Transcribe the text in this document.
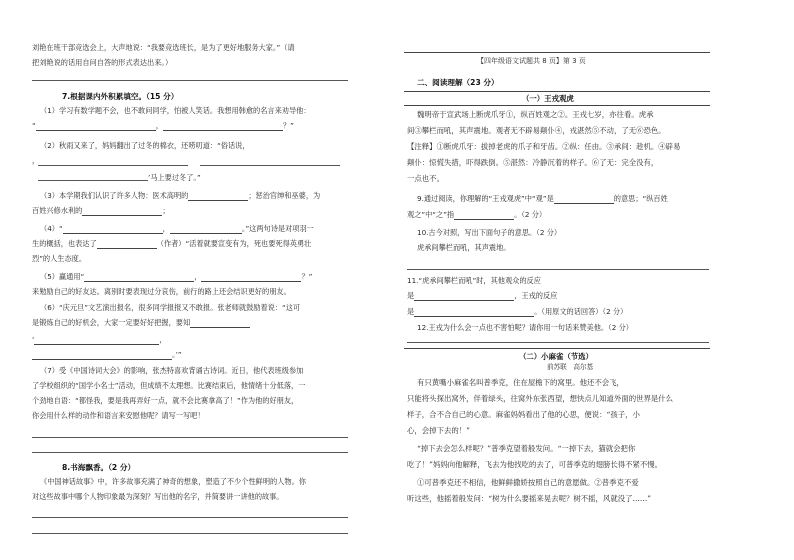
刘艳在班干部竞选会上，大声地说：“我要竞选班长，是为了更好地服务大家。”（请
把刘艳说的话用自问自答的形式表达出来。）
7.根据课内外积累填空。（15 分）
（1）学习有数学题不会，也不敢问同学，怕被人笑话。我想用韩愈的名言来劝导他：
“	，	？”
（2）秋雨又来了，妈妈翻出了过冬的棉衣，还唠叨道：“俗话说，
，
’马上要过冬了。”
（3）本学期我们认识了许多人物：医术高明的	；惩治官绅和巫婆，为
百姓兴修水利的	；
（4）“	，	。”这两句诗是对项羽一
生的概括，也表达了	（作者）“活着就要宣变有为，死也要死得英勇壮
烈”的人生态度。
（5）赢通用“	，	？”
来勉励自己的好友达。离别时要表现过分哀伤，前行的路上还会结识更好的朋友。
（6）“庆元旦”文艺演出报名，很多同学报报又不敢报。张老师就鼓励着说：“这可
是锻炼自己的好机会，大家一定要好好把握，要知
‘	，
。’”
（7）受《中国诗词大会》的影响，张杰特喜欢背诵古诗词。近日，他代表班级参加
了学校组织的“国学小名士”活动，但成绩不太理想。比赛结束后，他情绪十分低落，一
个劲地自语：“都怪我，要是我再弄好一点，就不会比赛拿高了！”作为他的好朋友，
你会用什么样的动作和语言来安慰他呢？请写一写吧！
8.书海飘香。（2 分）
《中国神话故事》中，许多故事充满了神奇的想象，塑造了不少个性鲜明的人物。你
对这些故事中哪个人物印象最为深刻？写出他的名字，并简要讲一讲他的故事。
【四年级语文试题共 8 页】第 3 页
二、阅读理解（23 分）
（一）王戎观虎
魏明帝于宣武场上断虎爪牙①，纵百姓观之②。王戎七岁，亦往看。虎承
间③攀栏而吼，其声震地。观者无不辟易颠仆④，戎湛然⑤不动，了无⑥恐色。
【注释】①断虎爪牙：拔掉老虎的爪子和牙齿。②纵：任由。③承间：趁机。④辟易
颠仆：惊慌失措，吓得跌倒。⑤湛然：冷静沉着的样子。⑥了无：完全没有，
一点也不。
9.通过阅读，你理解的“王戎观虎”中“观”是	的意思；“纵百姓
观之”中“之”指	。（2 分）
10.古今对照，写出下面句子的意思。（2 分）
虎承间攀栏而吼，其声震地。
11.“虎承间攀栏而吼”时，其他观众的反应
是	，王戎的反应
是	。（用原文的话回答）（2 分）
12.王戎为什么会一点也不害怕呢？请你用一句话来赞美他。（2 分）
（二）小麻雀（节选）
前苏联　高尔基
有只黄嘴小麻雀名叫普季克，住在屋檐下的窝里。他还不会飞，
只能将头探出窝外，伴着绿头，往窝外东张西望，想快点儿知道外面的世界是什么
样子，合不合自己的心意。麻雀妈妈看出了他的心思，便说：“孩子，小
心，会掉下去的！”
“掉下去会怎么样呢？”普季克望着般发问。“一掉下去，猫就会把你
吃了！”妈妈向他解释，飞去为他找吃的去了，可普季克的翅膀长得不紧不慢。
①可普季克还不相信，他鲜鲜撒娇按照自己的意愿做。②普季克不爱
听这些，他摇着般发问：“树为什么要摇来晃去呢？树不摇，风就没了……”
